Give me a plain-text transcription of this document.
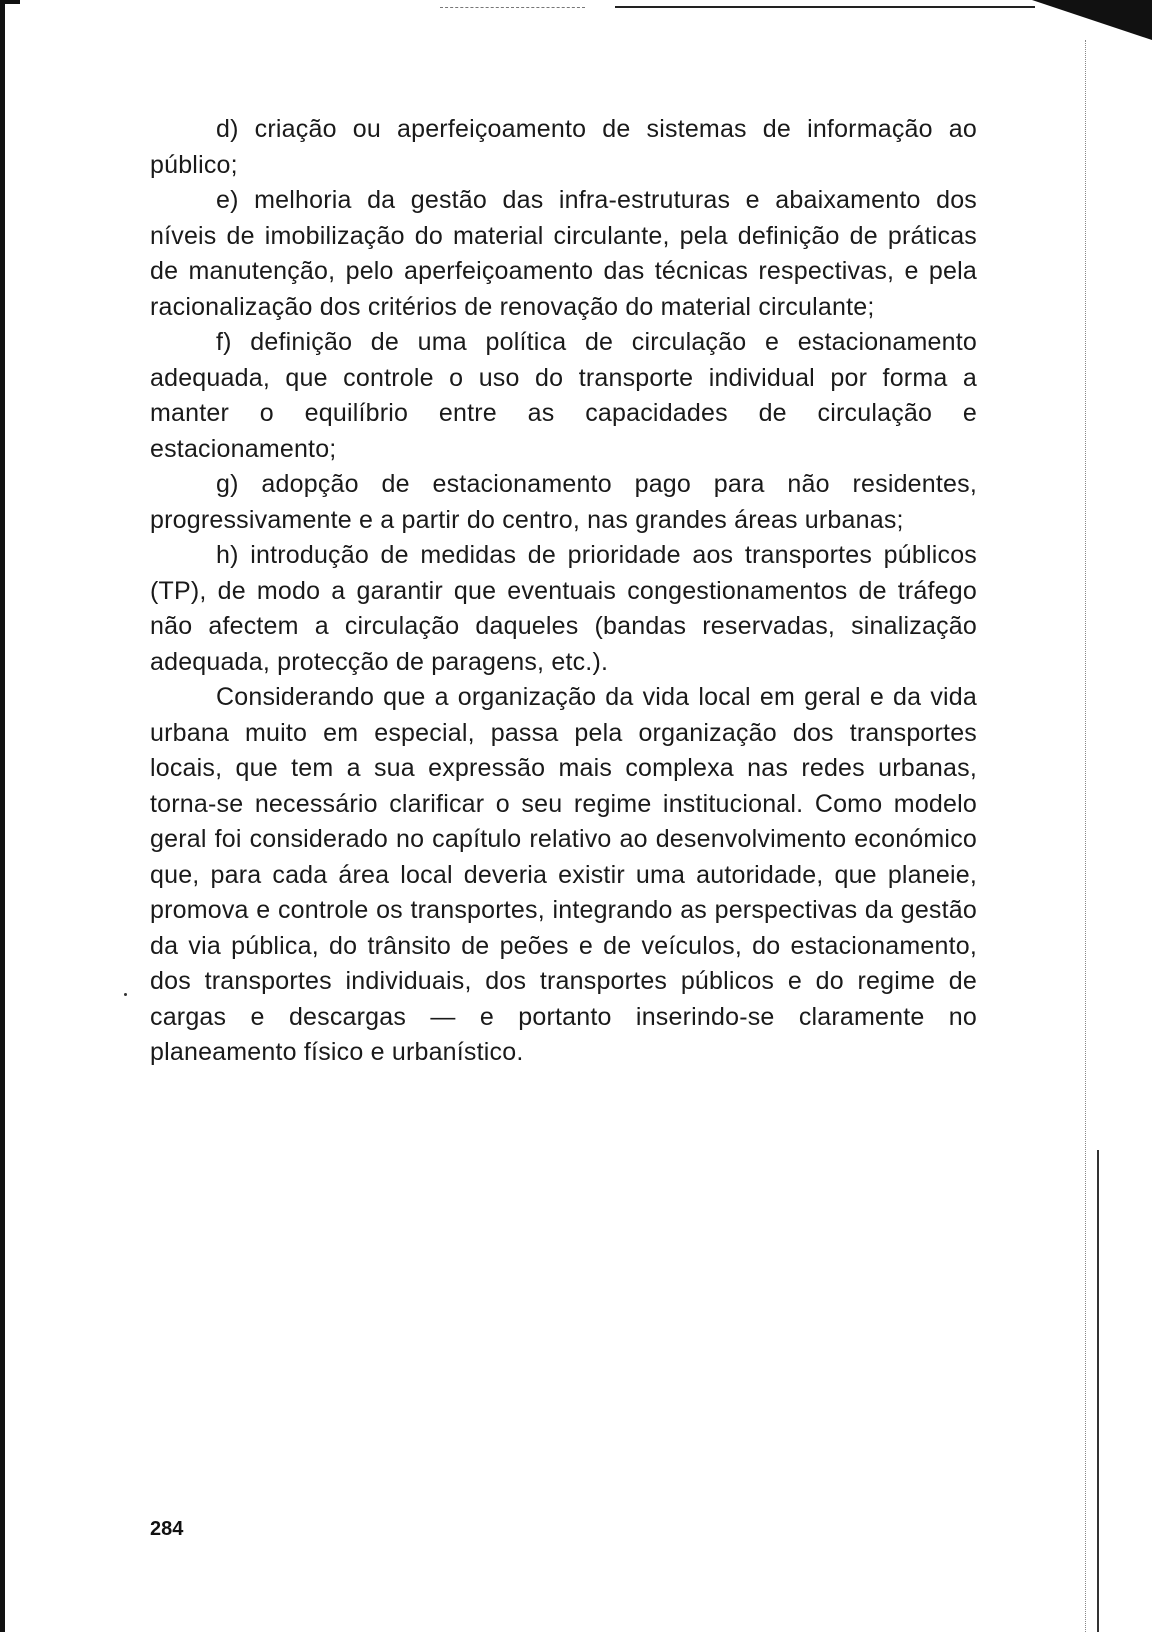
d) criação ou aperfeiçoamento de sistemas de informação ao público;

e) melhoria da gestão das infra-estruturas e abaixamento dos níveis de imobilização do material circulante, pela definição de práticas de manutenção, pelo aperfeiçoamento das técnicas respectivas, e pela racionalização dos critérios de renovação do material circulante;

f) definição de uma política de circulação e estacionamento adequada, que controle o uso do transporte individual por forma a manter o equilíbrio entre as capacidades de circulação e estacionamento;

g) adopção de estacionamento pago para não residentes, progressivamente e a partir do centro, nas grandes áreas urbanas;

h) introdução de medidas de prioridade aos transportes públicos (TP), de modo a garantir que eventuais congestionamentos de tráfego não afectem a circulação daqueles (bandas reservadas, sinalização adequada, protecção de paragens, etc.).

Considerando que a organização da vida local em geral e da vida urbana muito em especial, passa pela organização dos transportes locais, que tem a sua expressão mais complexa nas redes urbanas, torna-se necessário clarificar o seu regime institucional. Como modelo geral foi considerado no capítulo relativo ao desenvolvimento económico que, para cada área local deveria existir uma autoridade, que planeie, promova e controle os transportes, integrando as perspectivas da gestão da via pública, do trânsito de peões e de veículos, do estacionamento, dos transportes individuais, dos transportes públicos e do regime de cargas e descargas — e portanto inserindo-se claramente no planeamento físico e urbanístico.

284
